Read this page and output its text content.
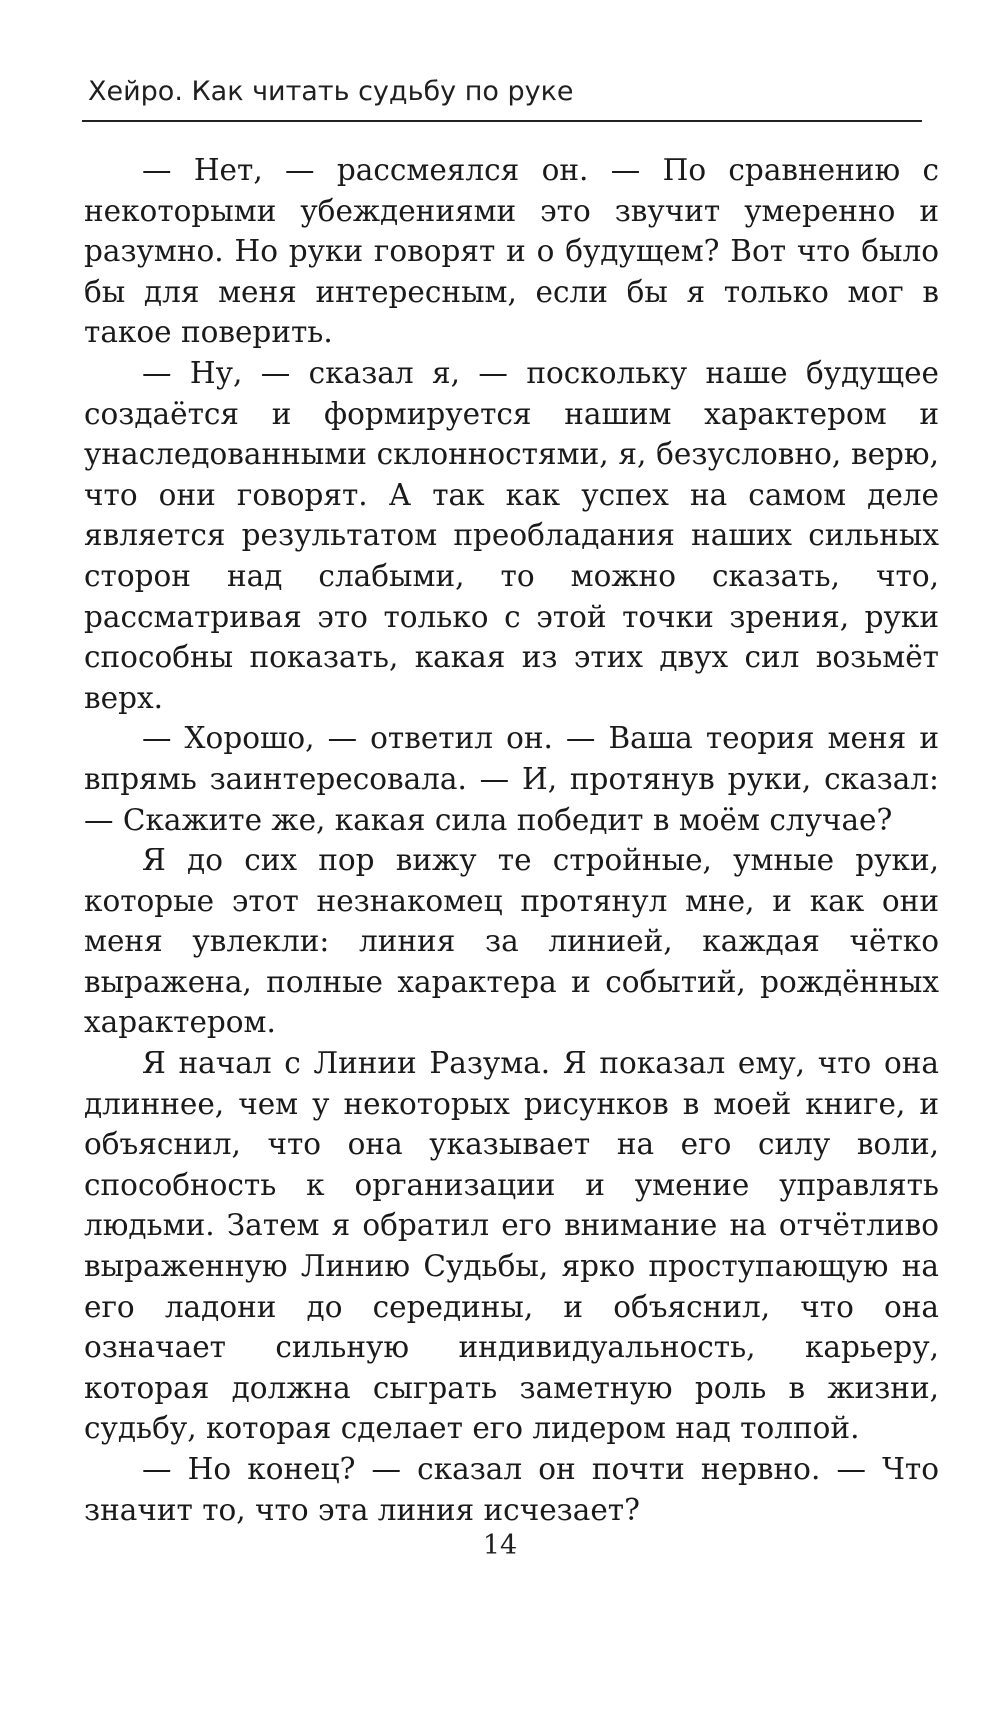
Хейро. Как читать судьбу по руке

— Нет, — рассмеялся он. — По сравнению с некоторыми убеждениями это звучит умеренно и разумно. Но руки говорят и о будущем? Вот что было бы для меня интересным, если бы я только мог в такое поверить.

— Ну, — сказал я, — поскольку наше будущее создаётся и формируется нашим характером и унаследованными склонностями, я, безусловно, верю, что они говорят. А так как успех на самом деле является результатом преобладания наших сильных сторон над слабыми, то можно сказать, что, рассматривая это только с этой точки зрения, руки способны показать, какая из этих двух сил возьмёт верх.

— Хорошо, — ответил он. — Ваша теория меня и впрямь заинтересовала. — И, протянув руки, сказал: — Скажите же, какая сила победит в моём случае?

Я до сих пор вижу те стройные, умные руки, которые этот незнакомец протянул мне, и как они меня увлекли: линия за линией, каждая чётко выражена, полные характера и событий, рождённых характером.

Я начал с Линии Разума. Я показал ему, что она длиннее, чем у некоторых рисунков в моей книге, и объяснил, что она указывает на его силу воли, способность к организации и умение управлять людьми. Затем я обратил его внимание на отчётливо выраженную Линию Судьбы, ярко проступающую на его ладони до середины, и объяснил, что она означает сильную индивидуальность, карьеру, которая должна сыграть заметную роль в жизни, судьбу, которая сделает его лидером над толпой.

— Но конец? — сказал он почти нервно. — Что значит то, что эта линия исчезает?

14
